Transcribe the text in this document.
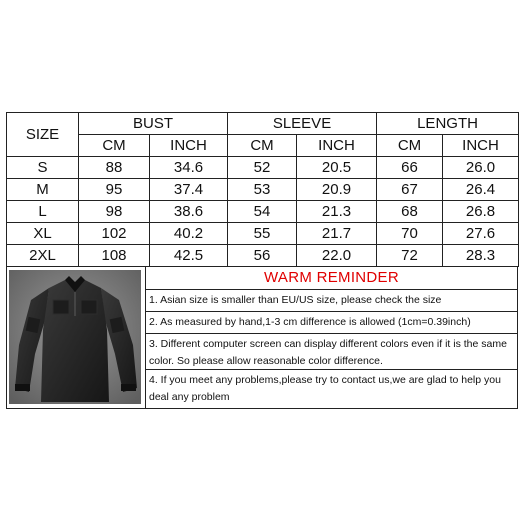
SIZE	BUST		SLEEVE		LENGTH	
	CM	INCH	CM	INCH	CM	INCH
S	88	34.6	52	20.5	66	26.0
M	95	37.4	53	20.9	67	26.4
L	98	38.6	54	21.3	68	26.8
XL	102	40.2	55	21.7	70	27.6
2XL	108	42.5	56	22.0	72	28.3
WARM REMINDER
1. Asian size is smaller than EU/US size, please check the size
2. As measured by hand,1-3 cm difference is allowed (1cm=0.39inch)
3. Different computer screen can display different colors even if it is the same color. So please allow reasonable color difference.
4. If you meet any problems,please try to contact us,we are glad to help you deal any problem
